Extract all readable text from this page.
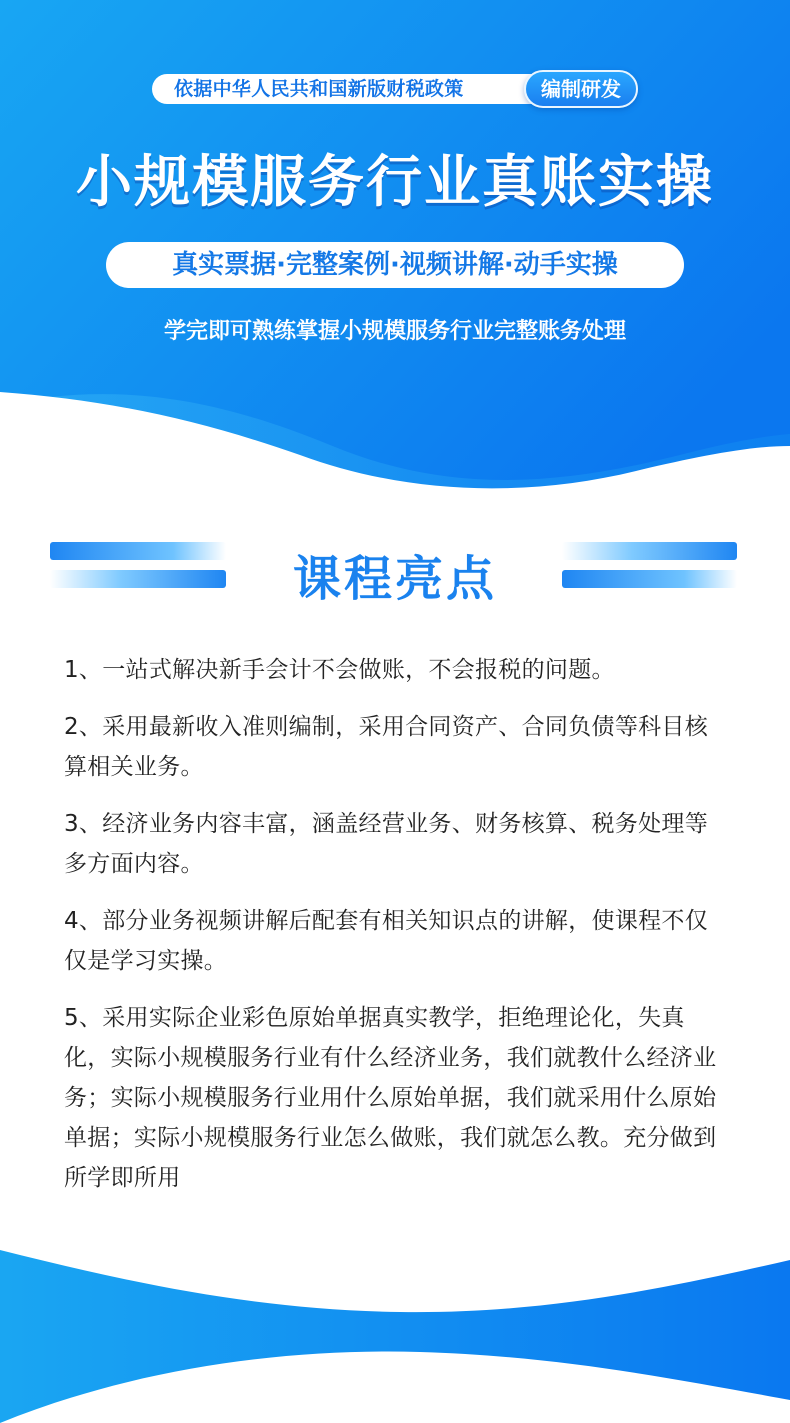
依据中华人民共和国新版财税政策	编制研发
小规模服务行业真账实操
真实票据·完整案例·视频讲解·动手实操
学完即可熟练掌握小规模服务行业完整账务处理
课程亮点

1、一站式解决新手会计不会做账，不会报税的问题。

2、采用最新收入准则编制，采用合同资产、合同负债等科目核算相关业务。

3、经济业务内容丰富，涵盖经营业务、财务核算、税务处理等多方面内容。

4、部分业务视频讲解后配套有相关知识点的讲解，使课程不仅仅是学习实操。

5、采用实际企业彩色原始单据真实教学，拒绝理论化，失真化，实际小规模服务行业有什么经济业务，我们就教什么经济业务；实际小规模服务行业用什么原始单据，我们就采用什么原始单据；实际小规模服务行业怎么做账，我们就怎么教。充分做到所学即所用
